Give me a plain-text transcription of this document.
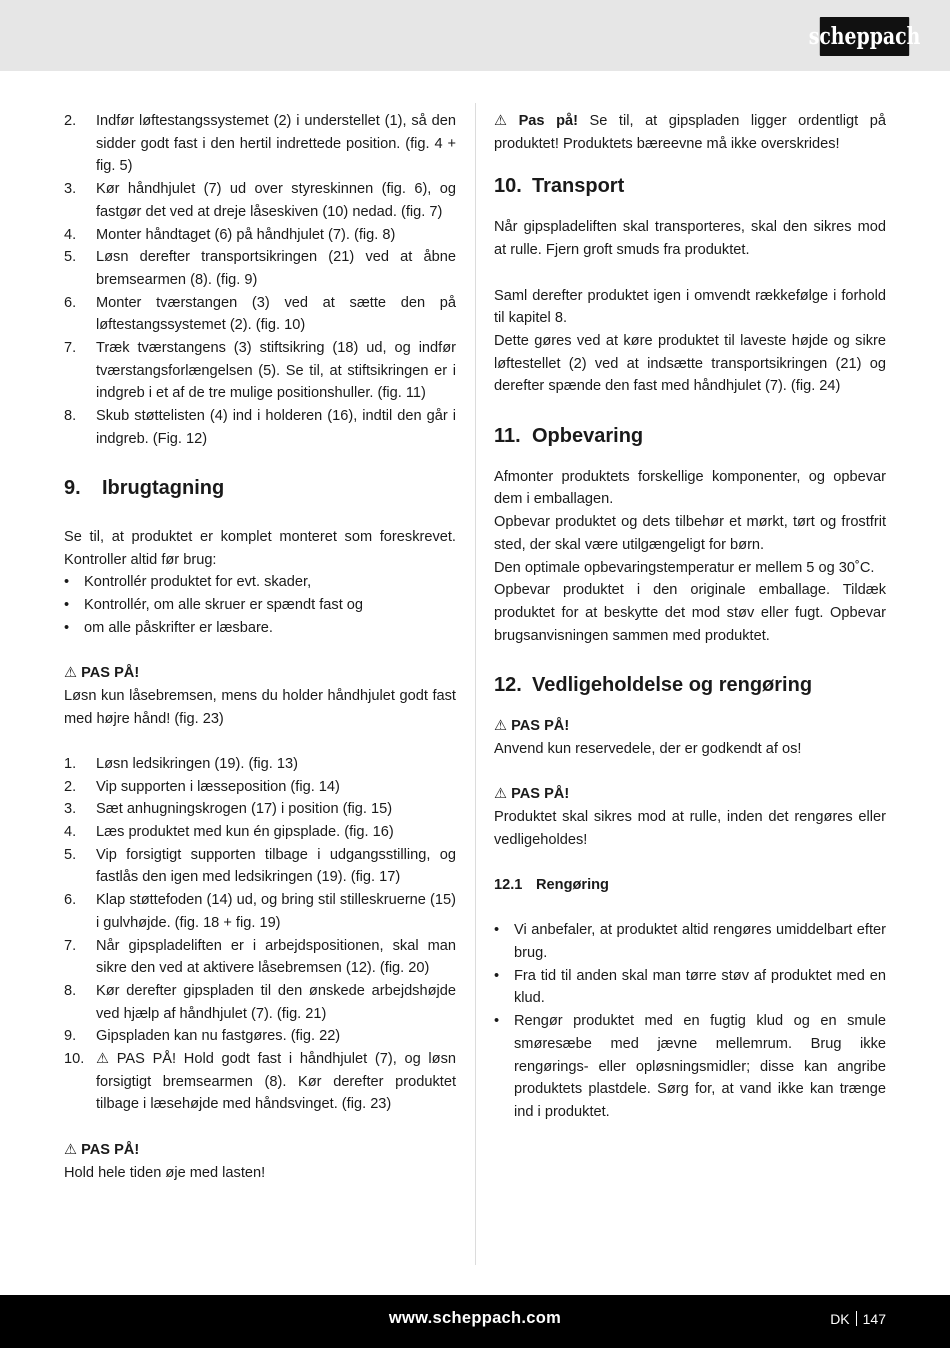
scheppach
2.	Indfør løftestangssystemet (2) i understellet (1), så den sidder godt fast i den hertil indrettede position. (fig. 4 + fig. 5)
3.	Kør håndhjulet (7) ud over styreskinnen (fig. 6), og fastgør det ved at dreje låseskiven (10) nedad. (fig. 7)
4.	Monter håndtaget (6) på håndhjulet (7). (fig. 8)
5.	Løsn derefter transportsikringen (21) ved at åbne bremsearmen (8). (fig. 9)
6.	Monter tværstangen (3) ved at sætte den på løftestangssystemet (2). (fig. 10)
7.	Træk tværstangens (3) stiftsikring (18) ud, og indfør tværstangsforlængelsen (5). Se til, at stiftsikringen er i indgreb i et af de tre mulige positionshuller. (fig. 11)
8.	Skub støttelisten (4) ind i holderen (16), indtil den går i indgreb. (Fig. 12)
9.	Ibrugtagning

Se til, at produktet er komplet monteret som foreskrevet. Kontroller altid før brug:

•	Kontrollér produktet for evt. skader,
•	Kontrollér, om alle skruer er spændt fast og
•	om alle påskrifter er læsbare.
⚠ PAS PÅ!

Løsn kun låsebremsen, mens du holder håndhjulet godt fast med højre hånd! (fig. 23)

1.	Løsn ledsikringen (19). (fig. 13)
2.	Vip supporten i læsseposition (fig. 14)
3.	Sæt anhugningskrogen (17) i position (fig. 15)
4.	Læs produktet med kun én gipsplade. (fig. 16)
5.	Vip forsigtigt supporten tilbage i udgangsstilling, og fastlås den igen med ledsikringen (19). (fig. 17)
6.	Klap støttefoden (14) ud, og bring stil stilleskruerne (15) i gulvhøjde. (fig. 18 + fig. 19)
7.	Når gipspladeliften er i arbejdspositionen, skal man sikre den ved at aktivere låsebremsen (12). (fig. 20)
8.	Kør derefter gipspladen til den ønskede arbejdshøjde ved hjælp af håndhjulet (7). (fig. 21)
9.	Gipspladen kan nu fastgøres. (fig. 22)
10. ⚠ PAS PÅ! Hold godt fast i håndhjulet (7), og løsn forsigtigt bremsearmen (8). Kør derefter produktet tilbage i læsehøjde med håndsvinget. (fig. 23)
⚠ PAS PÅ!

Hold hele tiden øje med lasten!

⚠ Pas på! Se til, at gipspladen ligger ordentligt på produktet! Produktets bæreevne må ikke overskrides!

10. Transport

Når gipspladeliften skal transporteres, skal den sikres mod at rulle. Fjern groft smuds fra produktet.

Saml derefter produktet igen i omvendt rækkefølge i forhold til kapitel 8.

Dette gøres ved at køre produktet til laveste højde og sikre løftestellet (2) ved at indsætte transportsikringen (21) og derefter spænde den fast med håndhjulet (7). (fig. 24)

11. Opbevaring

Afmonter produktets forskellige komponenter, og opbevar dem i emballagen.

Opbevar produktet og dets tilbehør et mørkt, tørt og frostfrit sted, der skal være utilgængeligt for børn.

Den optimale opbevaringstemperatur er mellem 5 og 30˚C.

Opbevar produktet i den originale emballage. Tildæk produktet for at beskytte det mod støv eller fugt. Opbevar brugsanvisningen sammen med produktet.

12. Vedligeholdelse og rengøring
⚠ PAS PÅ!

Anvend kun reservedele, der er godkendt af os!

⚠ PAS PÅ!

Produktet skal sikres mod at rulle, inden det rengøres eller vedligeholdes!

12.1 Rengøring
•	Vi anbefaler, at produktet altid rengøres umiddelbart efter brug.
•	Fra tid til anden skal man tørre støv af produktet med en klud.
•	Rengør produktet med en fugtig klud og en smule smøresæbe med jævne mellemrum. Brug ikke rengørings- eller opløsningsmidler; disse kan angribe produktets plastdele. Sørg for, at vand ikke kan trænge ind i produktet.
www.scheppach.com	DK 147
